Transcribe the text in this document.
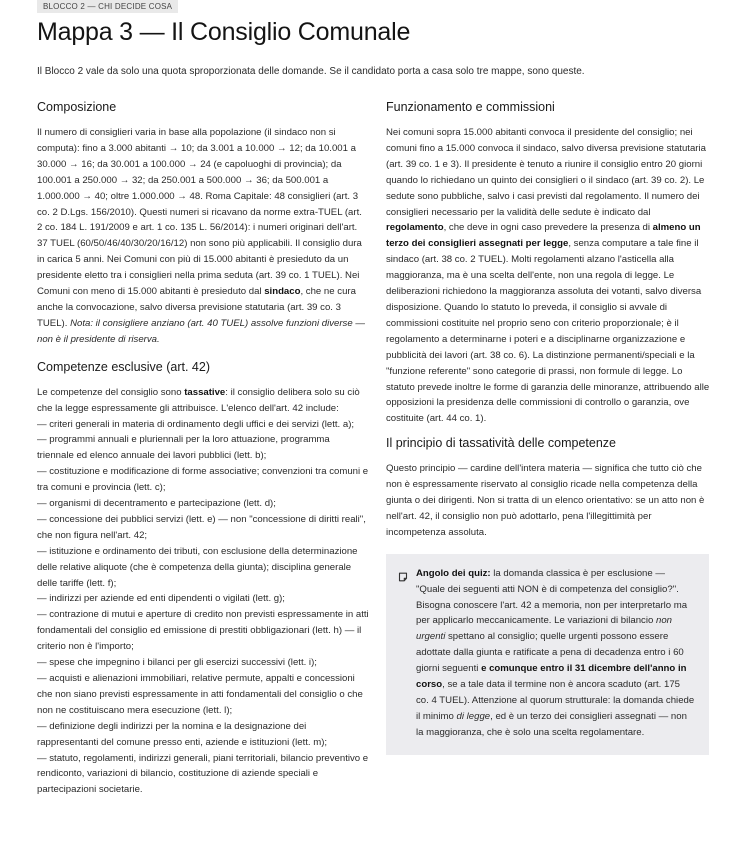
BLOCCO 2 — CHI DECIDE COSA
Mappa 3 — Il Consiglio Comunale

Il Blocco 2 vale da solo una quota sproporzionata delle domande. Se il candidato porta a casa solo tre mappe, sono queste.

Composizione

Il numero di consiglieri varia in base alla popolazione (il sindaco non si computa): fino a 3.000 abitanti → 10; da 3.001 a 10.000 → 12; da 10.001 a 30.000 → 16; da 30.001 a 100.000 → 24 (e capoluoghi di provincia); da 100.001 a 250.000 → 32; da 250.001 a 500.000 → 36; da 500.001 a 1.000.000 → 40; oltre 1.000.000 → 48. Roma Capitale: 48 consiglieri (art. 3 co. 2 D.Lgs. 156/2010). Questi numeri si ricavano da norme extra-TUEL (art. 2 co. 184 L. 191/2009 e art. 1 co. 135 L. 56/2014): i numeri originari dell'art. 37 TUEL (60/50/46/40/30/20/16/12) non sono più applicabili. Il consiglio dura in carica 5 anni. Nei Comuni con più di 15.000 abitanti è presieduto da un presidente eletto tra i consiglieri nella prima seduta (art. 39 co. 1 TUEL). Nei Comuni con meno di 15.000 abitanti è presieduto dal sindaco, che ne cura anche la convocazione, salvo diversa previsione statutaria (art. 39 co. 3 TUEL). Nota: il consigliere anziano (art. 40 TUEL) assolve funzioni diverse — non è il presidente di riserva.

Competenze esclusive (art. 42)

Le competenze del consiglio sono tassative: il consiglio delibera solo su ciò che la legge espressamente gli attribuisce. L'elenco dell'art. 42 include:

— criteri generali in materia di ordinamento degli uffici e dei servizi (lett. a);

— programmi annuali e pluriennali per la loro attuazione, programma triennale ed elenco annuale dei lavori pubblici (lett. b);

— costituzione e modificazione di forme associative; convenzioni tra comuni e tra comuni e provincia (lett. c);

— organismi di decentramento e partecipazione (lett. d);

— concessione dei pubblici servizi (lett. e) — non "concessione di diritti reali", che non figura nell'art. 42;

— istituzione e ordinamento dei tributi, con esclusione della determinazione delle relative aliquote (che è competenza della giunta); disciplina generale delle tariffe (lett. f);

— indirizzi per aziende ed enti dipendenti o vigilati (lett. g);

— contrazione di mutui e aperture di credito non previsti espressamente in atti fondamentali del consiglio ed emissione di prestiti obbligazionari (lett. h) — il criterio non è l'importo;

— spese che impegnino i bilanci per gli esercizi successivi (lett. i);

— acquisti e alienazioni immobiliari, relative permute, appalti e concessioni che non siano previsti espressamente in atti fondamentali del consiglio o che non ne costituiscano mera esecuzione (lett. l);

— definizione degli indirizzi per la nomina e la designazione dei rappresentanti del comune presso enti, aziende e istituzioni (lett. m);

— statuto, regolamenti, indirizzi generali, piani territoriali, bilancio preventivo e rendiconto, variazioni di bilancio, costituzione di aziende speciali e partecipazioni societarie.

Funzionamento e commissioni

Nei comuni sopra 15.000 abitanti convoca il presidente del consiglio; nei comuni fino a 15.000 convoca il sindaco, salvo diversa previsione statutaria (art. 39 co. 1 e 3). Il presidente è tenuto a riunire il consiglio entro 20 giorni quando lo richiedano un quinto dei consiglieri o il sindaco (art. 39 co. 2). Le sedute sono pubbliche, salvo i casi previsti dal regolamento. Il numero dei consiglieri necessario per la validità delle sedute è indicato dal regolamento, che deve in ogni caso prevedere la presenza di almeno un terzo dei consiglieri assegnati per legge, senza computare a tale fine il sindaco (art. 38 co. 2 TUEL). Molti regolamenti alzano l'asticella alla maggioranza, ma è una scelta dell'ente, non una regola di legge. Le deliberazioni richiedono la maggioranza assoluta dei votanti, salvo diversa disposizione. Quando lo statuto lo preveda, il consiglio si avvale di commissioni costituite nel proprio seno con criterio proporzionale; è il regolamento a determinarne i poteri e a disciplinarne organizzazione e pubblicità dei lavori (art. 38 co. 6). La distinzione permanenti/speciali e la "funzione referente" sono categorie di prassi, non formule di legge. Lo statuto prevede inoltre le forme di garanzia delle minoranze, attribuendo alle opposizioni la presidenza delle commissioni di controllo o garanzia, ove costituite (art. 44 co. 1).

Il principio di tassatività delle competenze

Questo principio — cardine dell'intera materia — significa che tutto ciò che non è espressamente riservato al consiglio ricade nella competenza della giunta o dei dirigenti. Non si tratta di un elenco orientativo: se un atto non è nell'art. 42, il consiglio non può adottarlo, pena l'illegittimità per incompetenza assoluta.

Angolo dei quiz: la domanda classica è per esclusione — "Quale dei seguenti atti NON è di competenza del consiglio?". Bisogna conoscere l'art. 42 a memoria, non per interpretarlo ma per applicarlo meccanicamente. Le variazioni di bilancio non urgenti spettano al consiglio; quelle urgenti possono essere adottate dalla giunta e ratificate a pena di decadenza entro i 60 giorni seguenti e comunque entro il 31 dicembre dell'anno in corso, se a tale data il termine non è ancora scaduto (art. 175 co. 4 TUEL). Attenzione al quorum strutturale: la domanda chiede il minimo di legge, ed è un terzo dei consiglieri assegnati — non la maggioranza, che è solo una scelta regolamentare.
